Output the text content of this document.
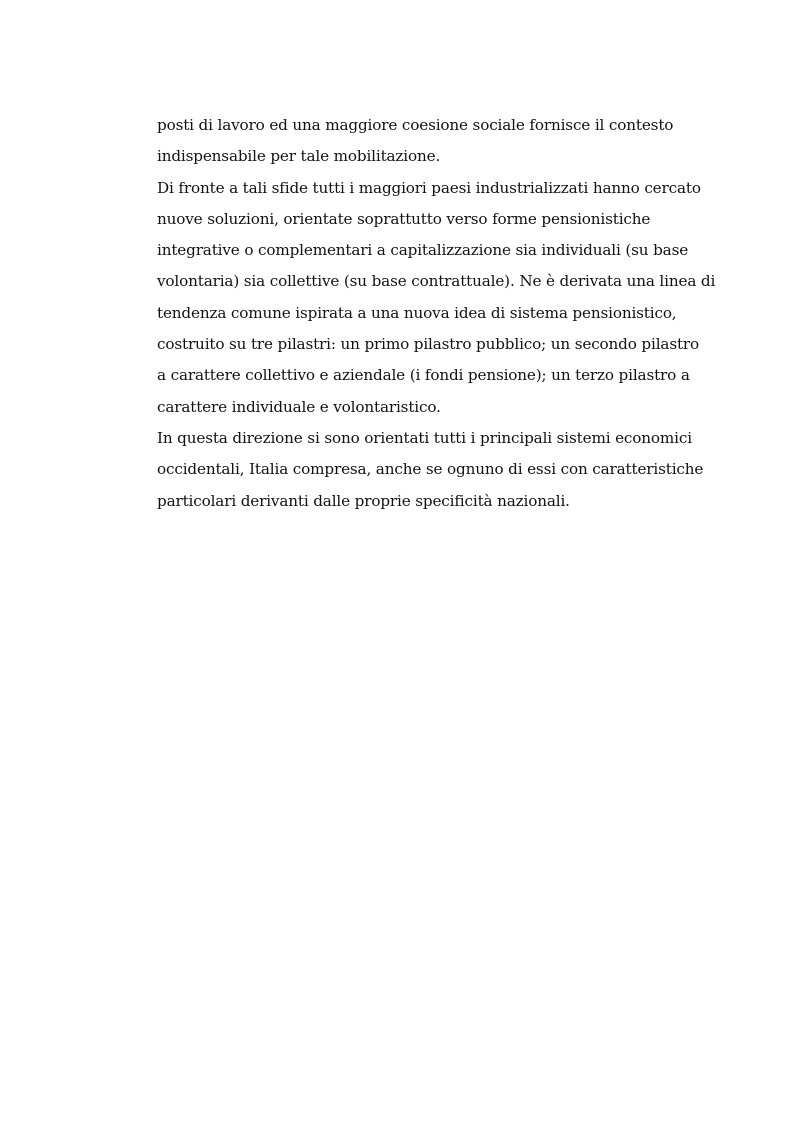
posti di lavoro ed una maggiore coesione sociale fornisce il contesto
indispensabile per tale mobilitazione.
Di fronte a tali sfide tutti i maggiori paesi industrializzati hanno cercato
nuove soluzioni, orientate soprattutto verso forme pensionistiche
integrative o complementari a capitalizzazione sia individuali (su base
volontaria) sia collettive (su base contrattuale). Ne è derivata una linea di
tendenza comune ispirata a una nuova idea di sistema pensionistico,
costruito su tre pilastri: un primo pilastro pubblico; un secondo pilastro
a carattere collettivo e aziendale (i fondi pensione); un terzo pilastro a
carattere individuale e volontaristico.
In questa direzione si sono orientati tutti i principali sistemi economici
occidentali, Italia compresa, anche se ognuno di essi con caratteristiche
particolari derivanti dalle proprie specificità nazionali.
